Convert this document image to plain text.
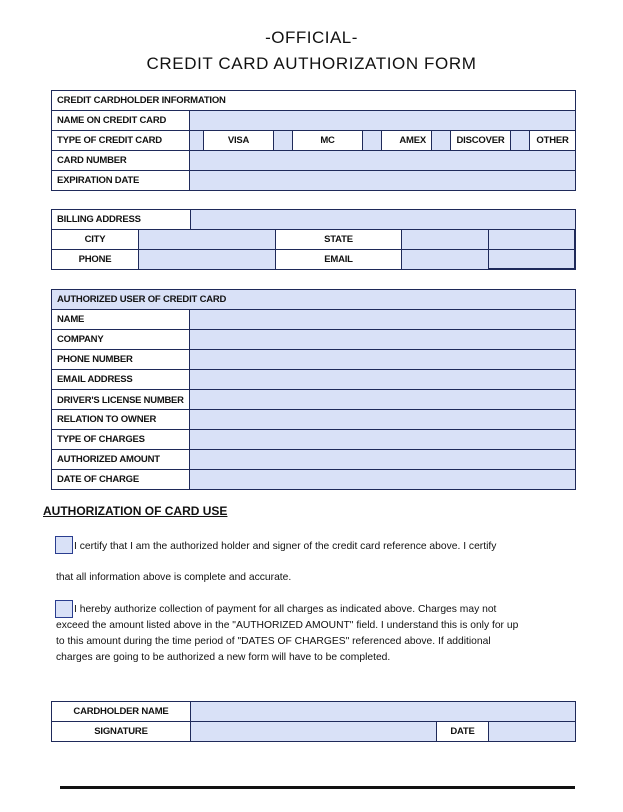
-OFFICIAL-
CREDIT CARD AUTHORIZATION FORM
CREDIT CARDHOLDER INFORMATION										
NAME ON CREDIT CARD										
TYPE OF CREDIT CARD		VISA		MC		AMEX		DISCOVER		OTHER
CARD NUMBER										
EXPIRATION DATE										
BILLING ADDRESS					
CITY			STATE		
PHONE			EMAIL		
AUTHORIZED USER OF CREDIT CARD	
NAME	
COMPANY	
PHONE NUMBER	
EMAIL ADDRESS	
DRIVER'S LICENSE NUMBER	
RELATION TO OWNER	
TYPE OF CHARGES	
AUTHORIZED AMOUNT	
DATE OF CHARGE	
AUTHORIZATION OF CARD USE
I certify that I am the authorized holder and signer of the credit card reference above. I certify
that all information above is complete and accurate.
I hereby authorize collection of payment for all charges as indicated above. Charges may not
exceed the amount listed above in the "AUTHORIZED AMOUNT" field. I understand this is only for up
to this amount during the time period of "DATES OF CHARGES" referenced above. If additional
charges are going to be authorized a new form will have to be completed.
CARDHOLDER NAME			
SIGNATURE		DATE	
